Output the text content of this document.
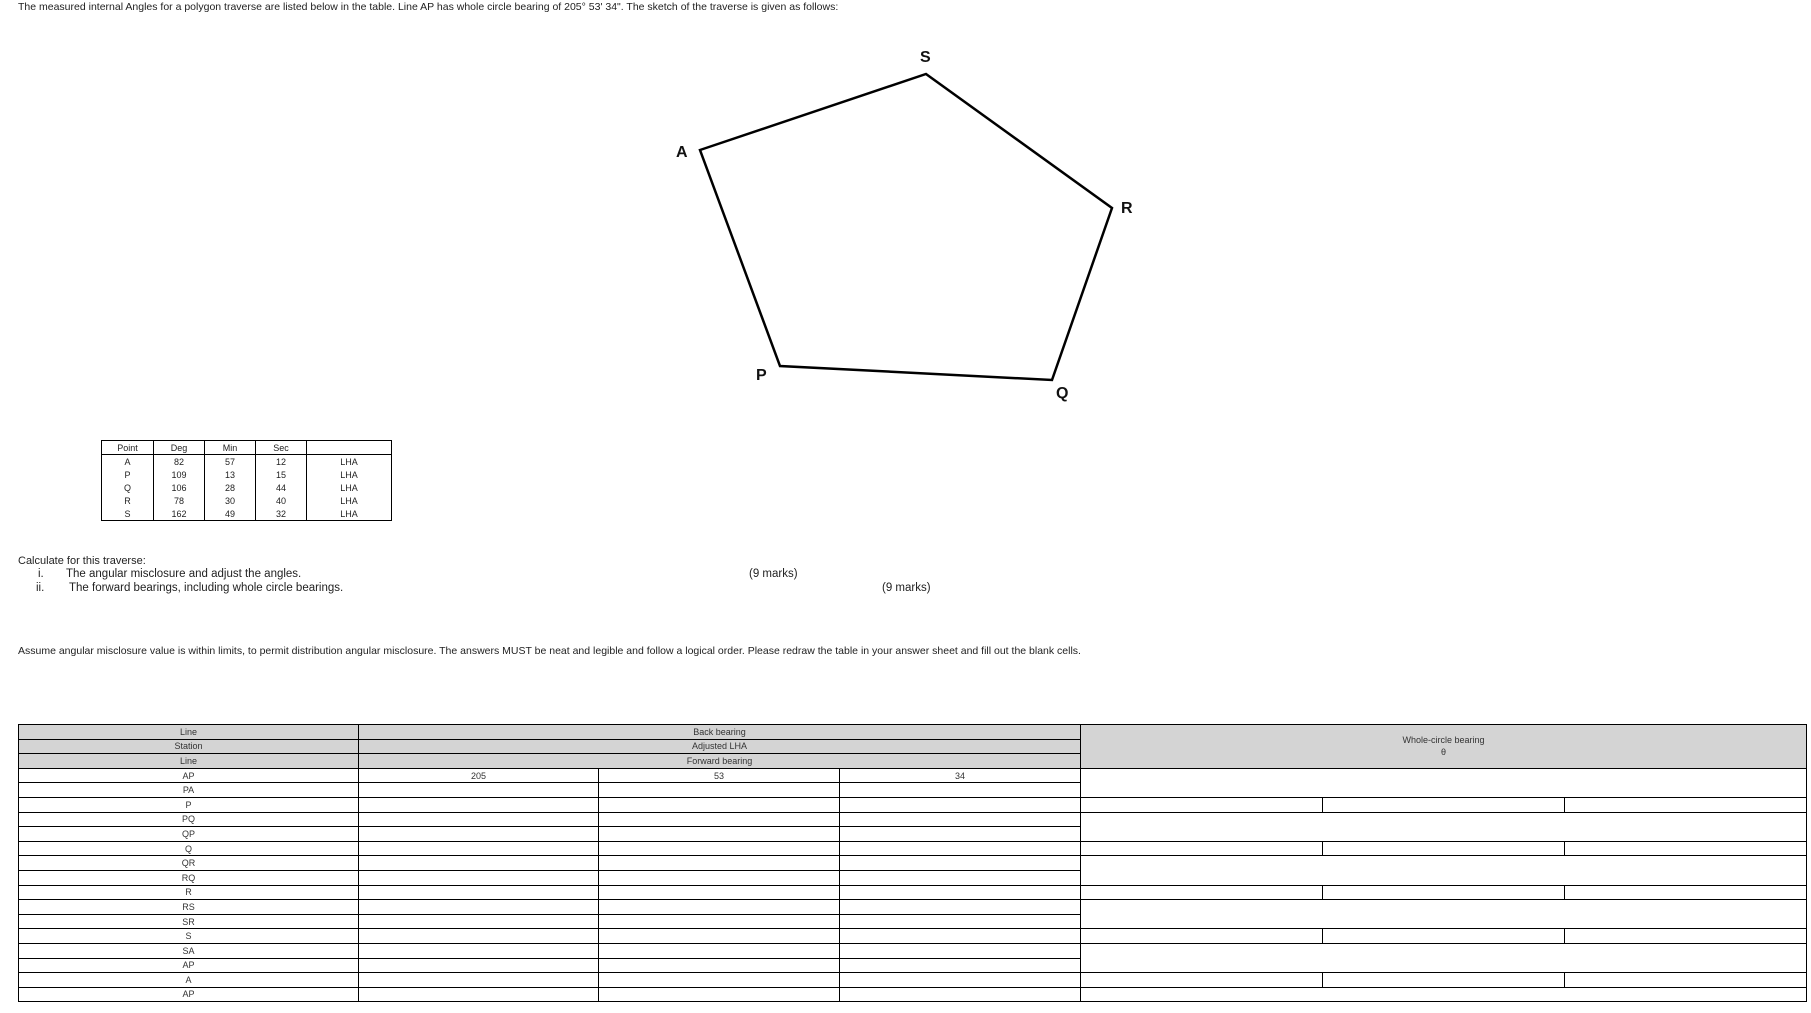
The measured internal Angles for a polygon traverse are listed below in the table. Line AP has whole circle bearing of 205° 53' 34". The sketch of the traverse is given as follows:

S
A
R
P
Q
Point	Deg	Min	Sec	
A	82	57	12	LHA
P	109	13	15	LHA
Q	106	28	44	LHA
R	78	30	40	LHA
S	162	49	32	LHA

Calculate for this traverse:

i. The angular misclosure and adjust the angles.

ii. The forward bearings, including whole circle bearings.

(9 marks)

(9 marks)

Assume angular misclosure value is within limits, to permit distribution angular misclosure. The answers MUST be neat and legible and follow a logical order. Please redraw the table in your answer sheet and fill out the blank cells.

Line	Back bearing			Whole-circle bearing
θ		

Station	Adjusted LHA					
Line	Forward bearing					
AP	205	53	34			
PA						
P						
PQ						
QP						
Q						
QR						
RQ						
R						
RS						
SR						
S						
SA						
AP						
A						
AP						
